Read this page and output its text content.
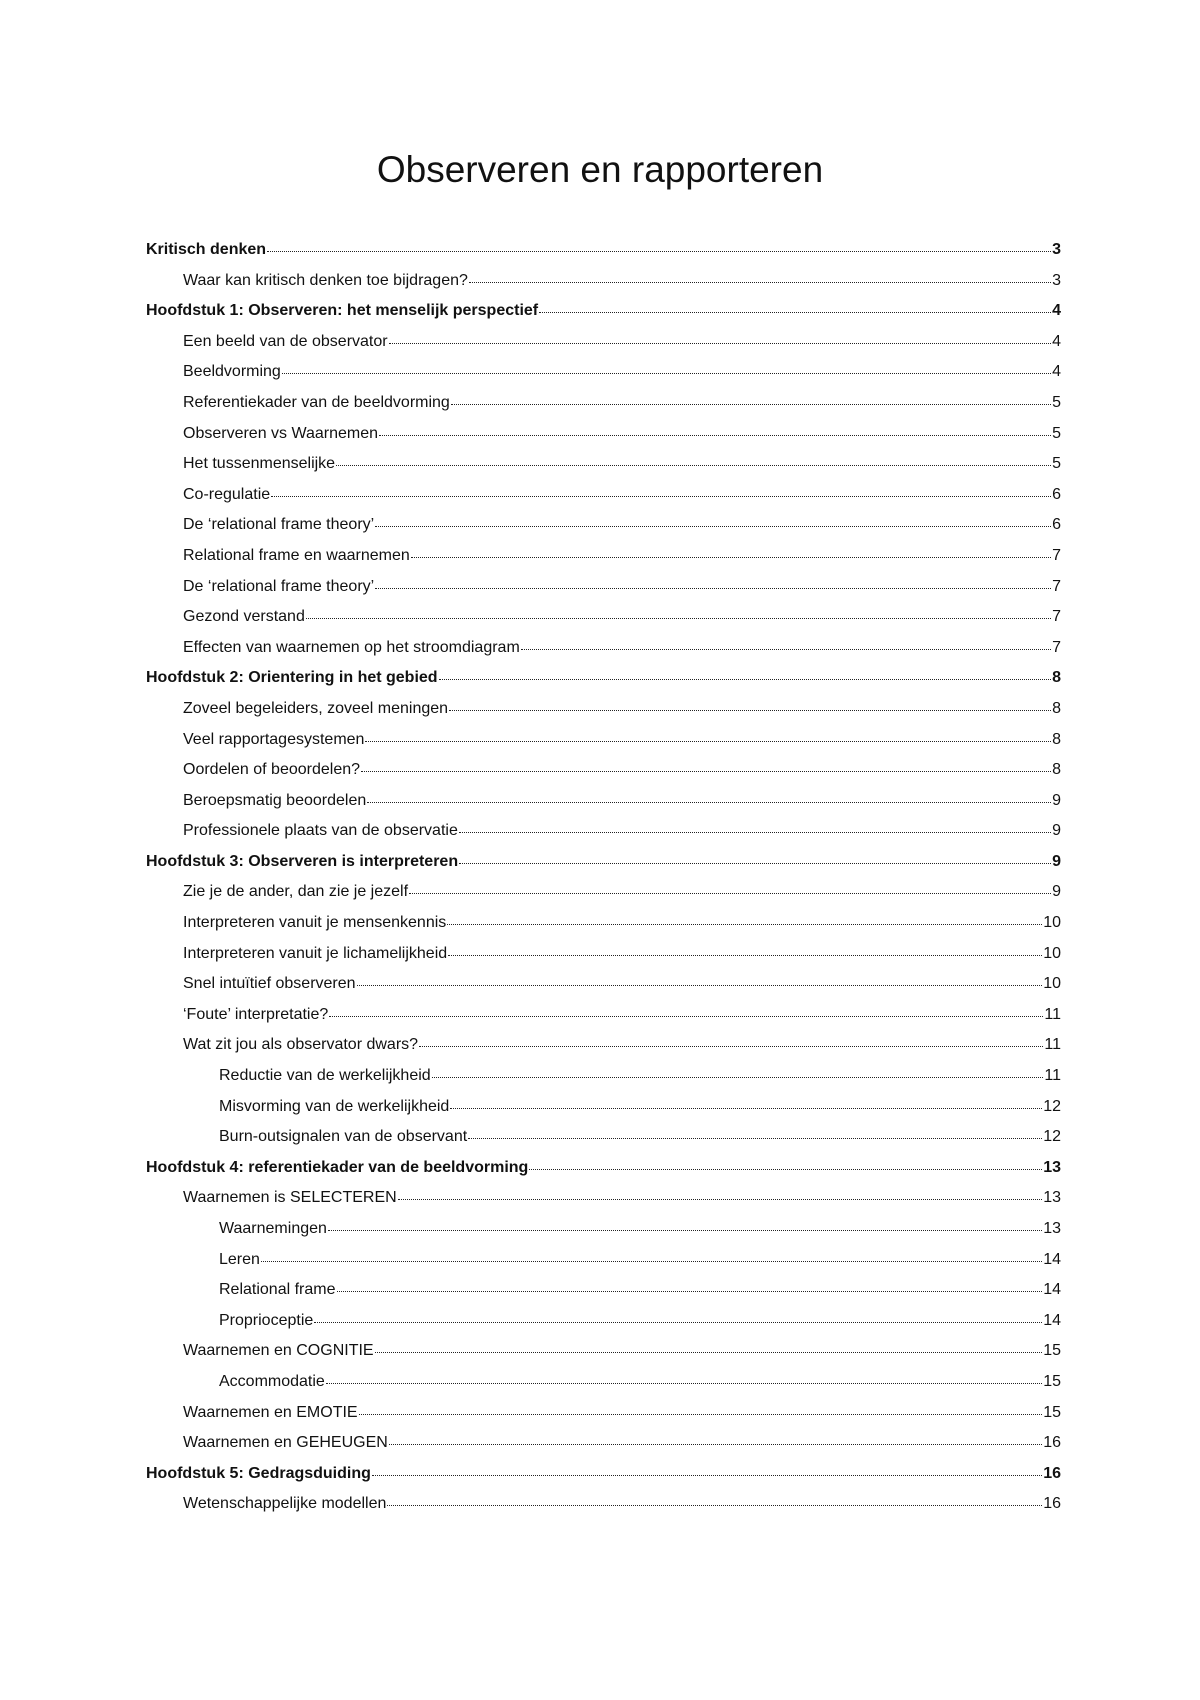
Observeren en rapporteren
Kritisch denken	3
Waar kan kritisch denken toe bijdragen?	3
Hoofdstuk 1: Observeren: het menselijk perspectief	4
Een beeld van de observator	4
Beeldvorming	4
Referentiekader van de beeldvorming	5
Observeren vs Waarnemen	5
Het tussenmenselijke	5
Co-regulatie	6
De ‘relational frame theory’	6
Relational frame en waarnemen	7
De ‘relational frame theory’	7
Gezond verstand	7
Effecten van waarnemen op het stroomdiagram	7
Hoofdstuk 2: Orientering in het gebied	8
Zoveel begeleiders, zoveel meningen	8
Veel rapportagesystemen	8
Oordelen of beoordelen?	8
Beroepsmatig beoordelen	9
Professionele plaats van de observatie	9
Hoofdstuk 3: Observeren is interpreteren	9
Zie je de ander, dan zie je jezelf	9
Interpreteren vanuit je mensenkennis	10
Interpreteren vanuit je lichamelijkheid	10
Snel intuïtief observeren	10
‘Foute’ interpretatie?	11
Wat zit jou als observator dwars?	11
Reductie van de werkelijkheid	11
Misvorming van de werkelijkheid	12
Burn-outsignalen van de observant	12
Hoofdstuk 4: referentiekader van de beeldvorming	13
Waarnemen is SELECTEREN	13
Waarnemingen	13
Leren	14
Relational frame	14
Proprioceptie	14
Waarnemen en COGNITIE	15
Accommodatie	15
Waarnemen en EMOTIE	15
Waarnemen en GEHEUGEN	16
Hoofdstuk 5: Gedragsduiding	16
Wetenschappelijke modellen	16
